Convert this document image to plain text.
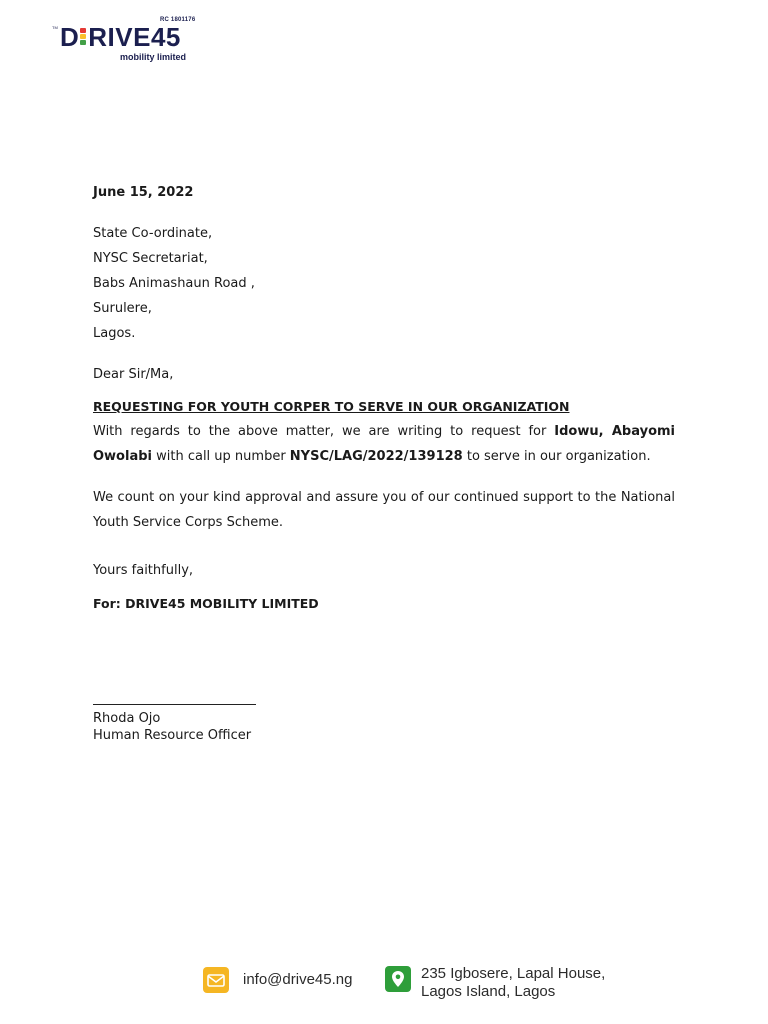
TM
RC 1801176
D RIVE45
mobility limited
June 15, 2022
State Co-ordinate,
NYSC Secretariat,
Babs Animashaun Road ,
Surulere,
Lagos.
Dear Sir/Ma,
REQUESTING FOR YOUTH CORPER TO SERVE IN OUR ORGANIZATION
With regards to the above matter, we are writing to request for Idowu, Abayomi Owolabi with call up number NYSC/LAG/2022/139128 to serve in our organization.
We count on your kind approval and assure you of our continued support to the National Youth Service Corps Scheme.
Yours faithfully,
For: DRIVE45 MOBILITY LIMITED
Rhoda Ojo
Human Resource Officer
info@drive45.ng	235 Igbosere, Lapal House,
Lagos Island, Lagos
